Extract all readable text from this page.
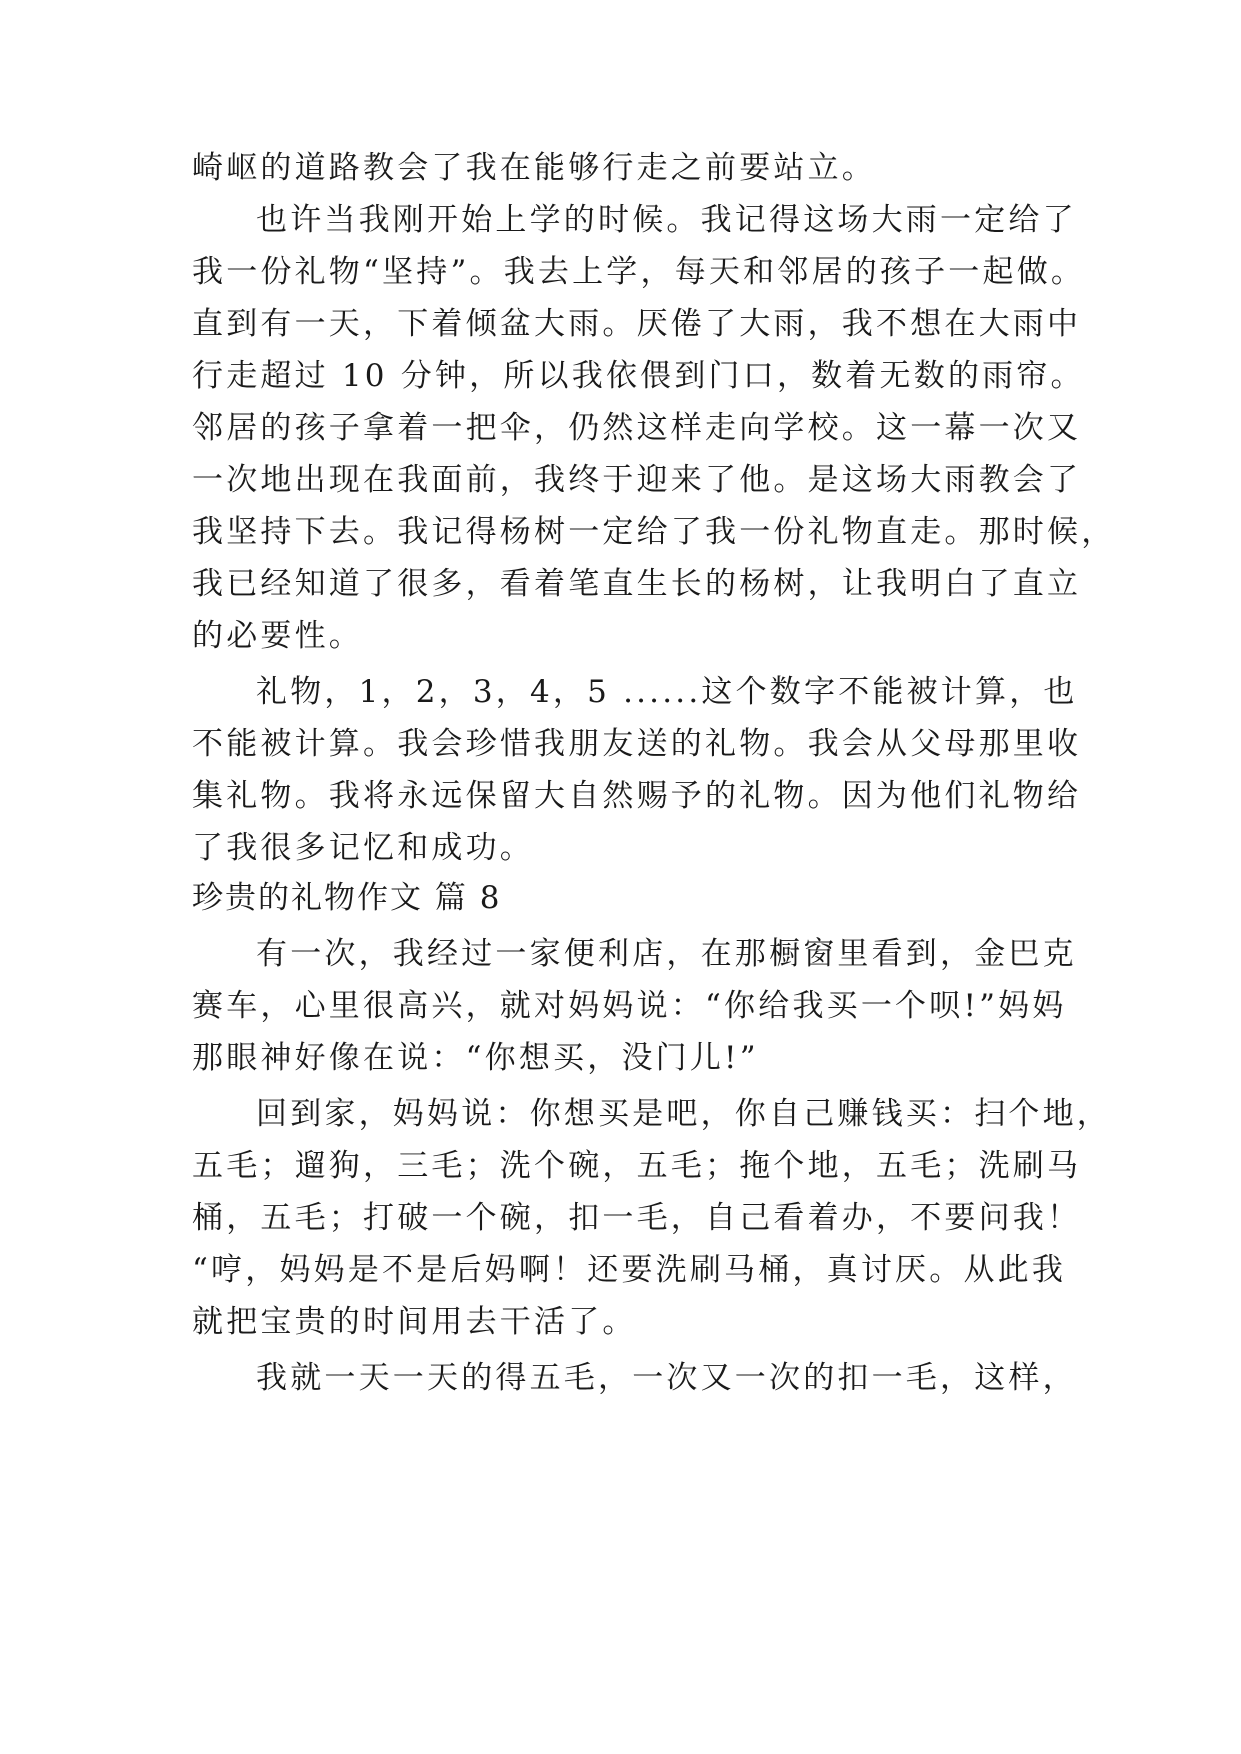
崎岖的道路教会了我在能够行走之前要站立。
也许当我刚开始上学的时候。我记得这场大雨一定给了
我一份礼物“坚持”。我去上学，每天和邻居的孩子一起做。
直到有一天，下着倾盆大雨。厌倦了大雨，我不想在大雨中
行走超过 10 分钟，所以我依偎到门口，数着无数的雨帘。
邻居的孩子拿着一把伞，仍然这样走向学校。这一幕一次又
一次地出现在我面前，我终于迎来了他。是这场大雨教会了
我坚持下去。我记得杨树一定给了我一份礼物直走。那时候，
我已经知道了很多，看着笔直生长的杨树，让我明白了直立
的必要性。
礼物，1，2，3，4，5 ......这个数字不能被计算，也
不能被计算。我会珍惜我朋友送的礼物。我会从父母那里收
集礼物。我将永远保留大自然赐予的礼物。因为他们礼物给
了我很多记忆和成功。
珍贵的礼物作文 篇 8
有一次，我经过一家便利店，在那橱窗里看到，金巴克
赛车，心里很高兴，就对妈妈说：“你给我买一个呗!”妈妈
那眼神好像在说：“你想买，没门儿!”
回到家，妈妈说：你想买是吧，你自己赚钱买：扫个地，
五毛；遛狗，三毛；洗个碗，五毛；拖个地，五毛；洗刷马
桶，五毛；打破一个碗，扣一毛，自己看着办，不要问我！
“哼，妈妈是不是后妈啊！还要洗刷马桶，真讨厌。从此我
就把宝贵的时间用去干活了。
我就一天一天的得五毛，一次又一次的扣一毛，这样，
